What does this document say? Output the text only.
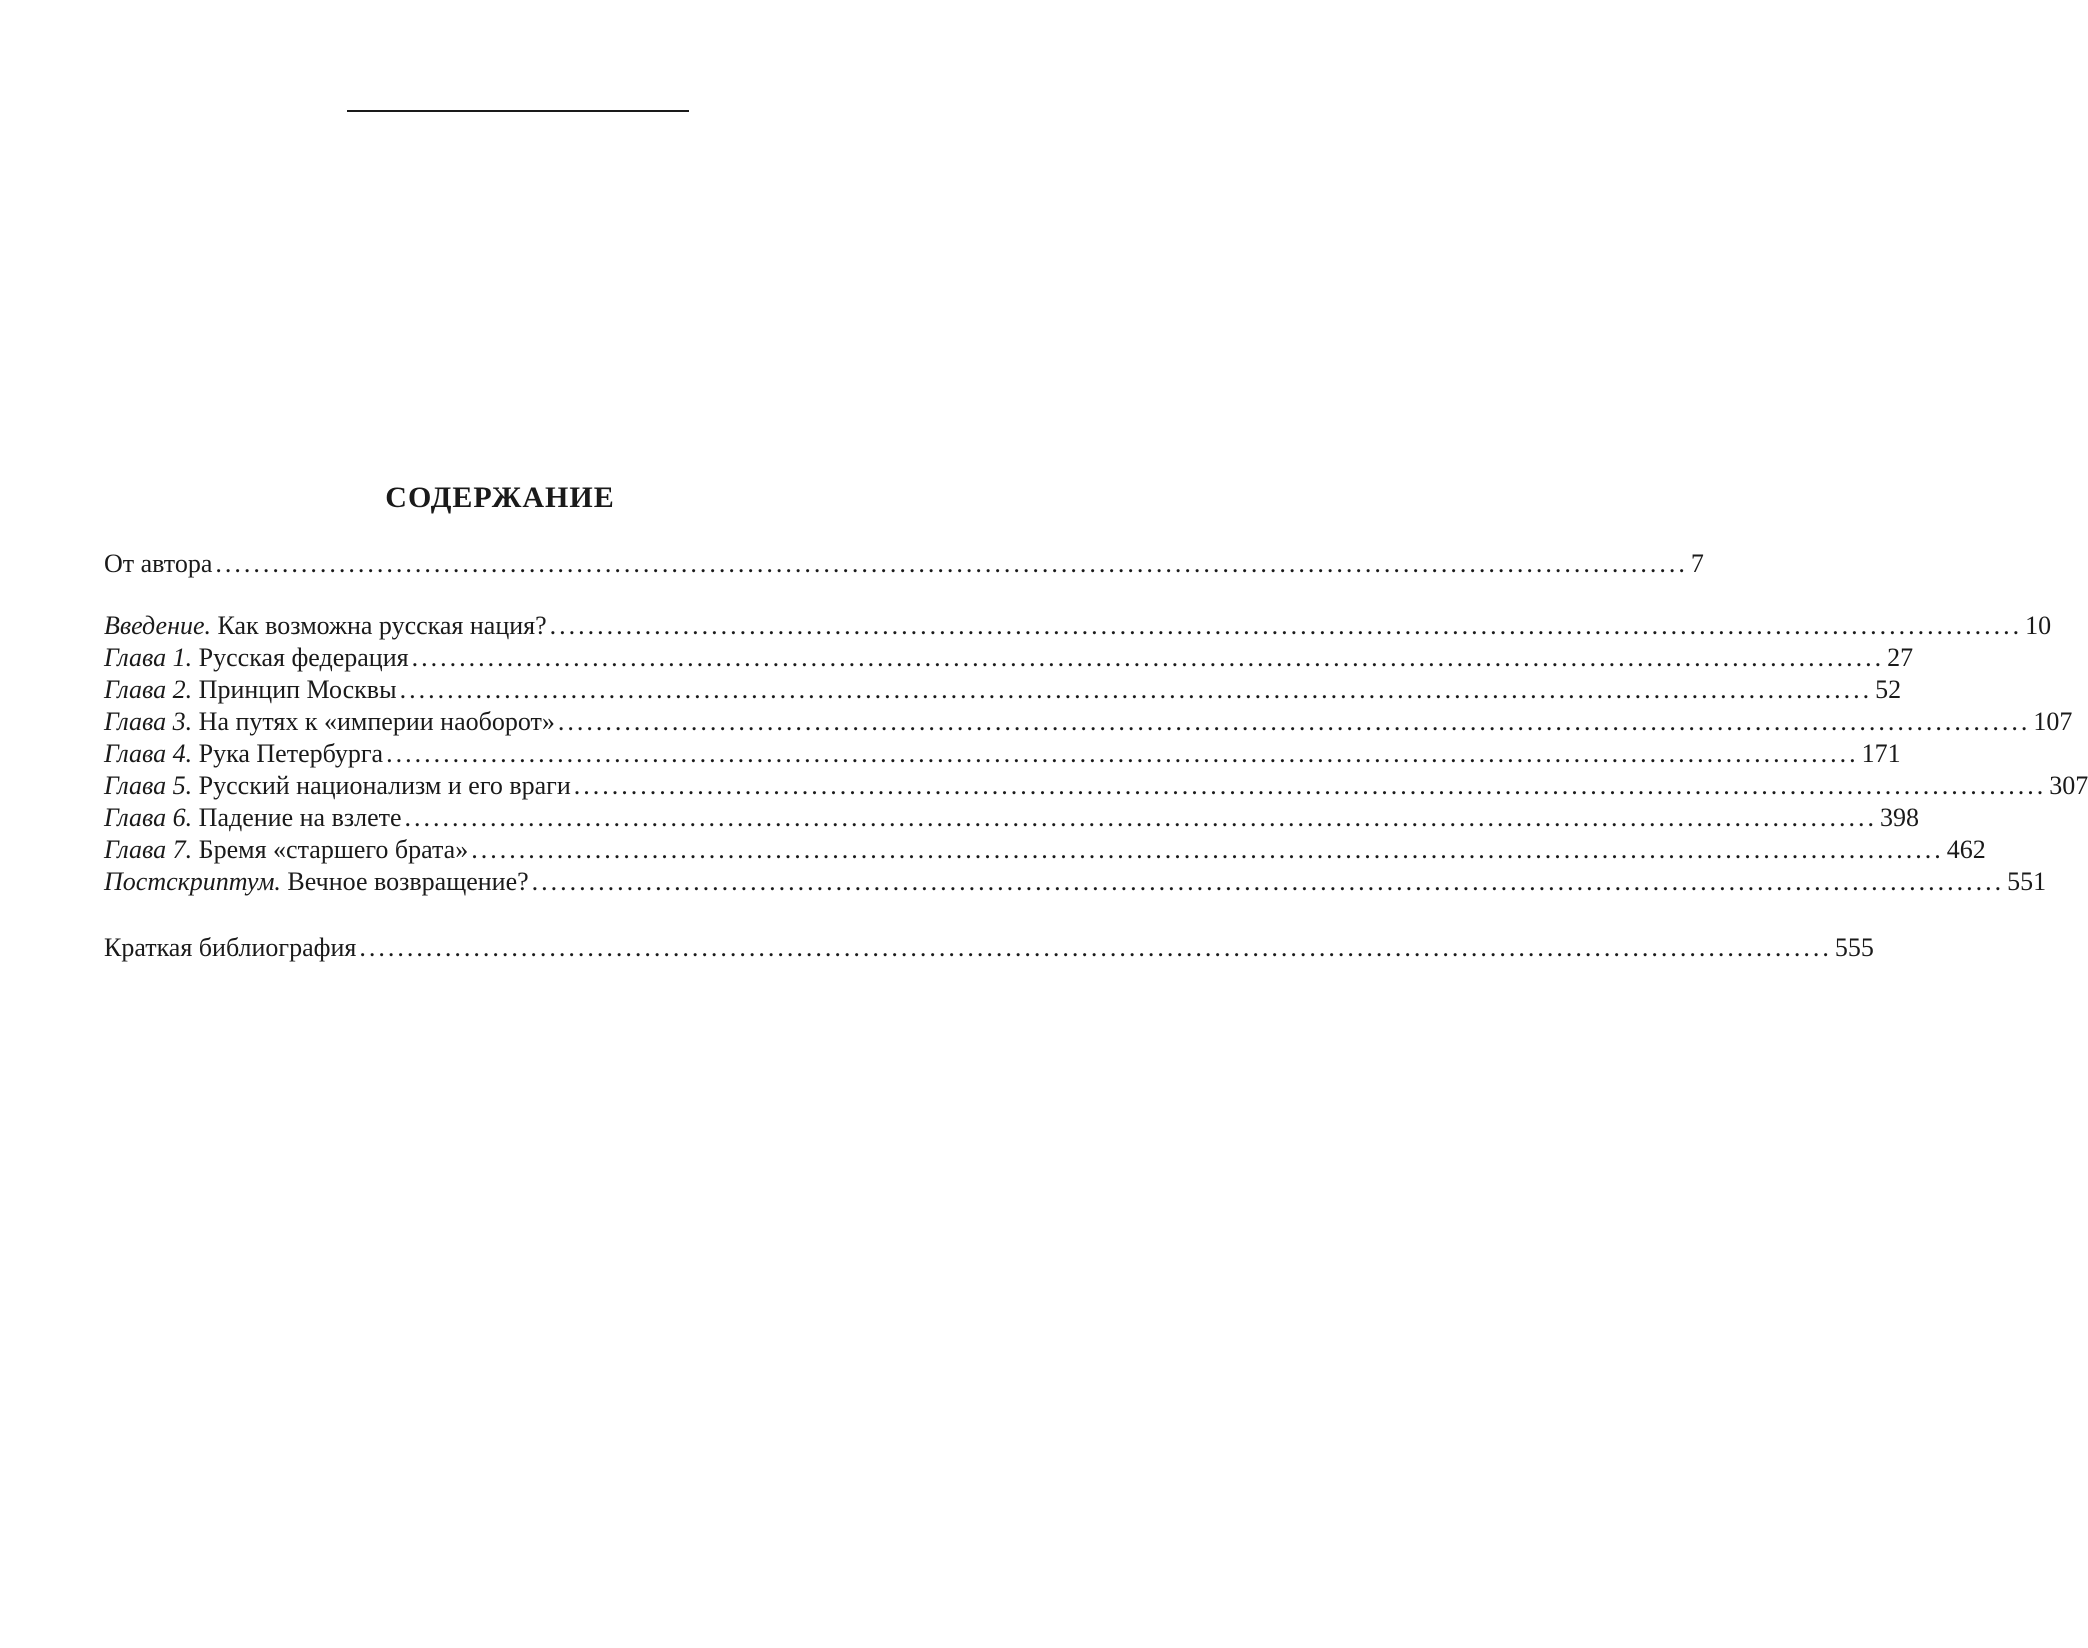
СОДЕРЖАНИЕ
От автора ........................................................................................................................................................... 7
Введение. Как возможна русская нация? ........................................................................................................................................................... 10
Глава 1. Русская федерация ........................................................................................................................................................... 27
Глава 2. Принцип Москвы ........................................................................................................................................................... 52
Глава 3. На путях к «империи наоборот» ........................................................................................................................................................... 107
Глава 4. Рука Петербурга ........................................................................................................................................................... 171
Глава 5. Русский национализм и его враги ........................................................................................................................................................... 307
Глава 6. Падение на взлете ........................................................................................................................................................... 398
Глава 7. Бремя «старшего брата» ........................................................................................................................................................... 462
Постскриптум. Вечное возвращение? ........................................................................................................................................................... 551
Краткая библиография ........................................................................................................................................................... 555
